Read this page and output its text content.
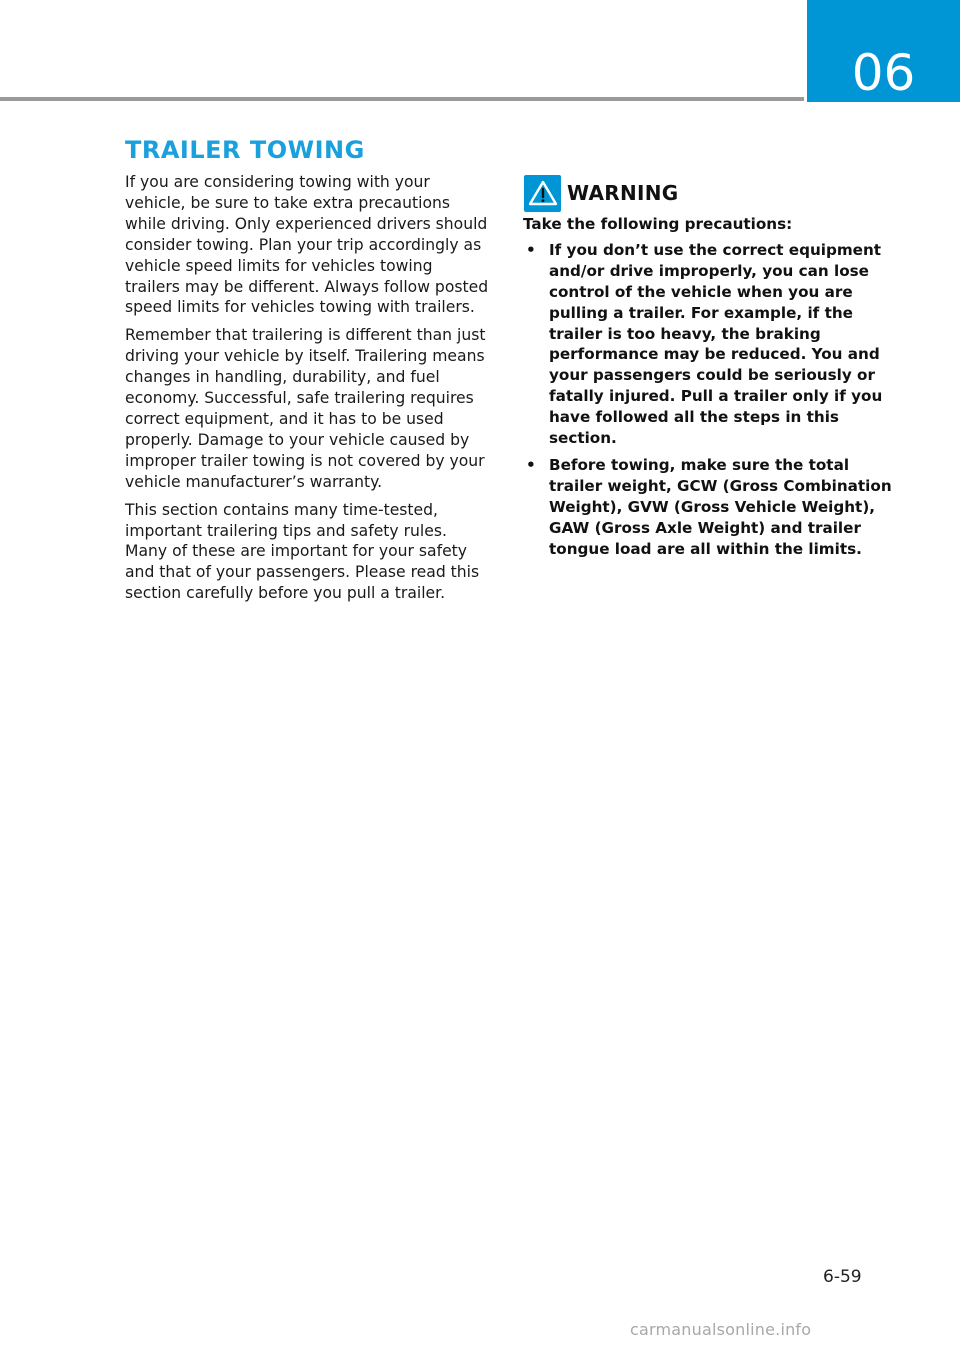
06
TRAILER TOWING

If you are considering towing with your vehicle, be sure to take extra precautions while driving. Only experienced drivers should consider towing. Plan your trip accordingly as vehicle speed limits for vehicles towing trailers may be different. Always follow posted speed limits for vehicles towing with trailers.

Remember that trailering is different than just driving your vehicle by itself. Trailering means changes in handling, durability, and fuel economy. Successful, safe trailering requires correct equipment, and it has to be used properly. Damage to your vehicle caused by improper trailer towing is not covered by your vehicle manufacturer’s warranty.

This section contains many time-tested, important trailering tips and safety rules. Many of these are important for your safety and that of your passengers. Please read this section carefully before you pull a trailer.

WARNING

Take the following precautions:

• If you don’t use the correct equipment and/or drive improperly, you can lose control of the vehicle when you are pulling a trailer. For example, if the trailer is too heavy, the braking performance may be reduced. You and your passengers could be seriously or fatally injured. Pull a trailer only if you have followed all the steps in this section.
• Before towing, make sure the total trailer weight, GCW (Gross Combination Weight), GVW (Gross Vehicle Weight), GAW (Gross Axle Weight) and trailer tongue load are all within the limits.
6-59
carmanualsonline.info
